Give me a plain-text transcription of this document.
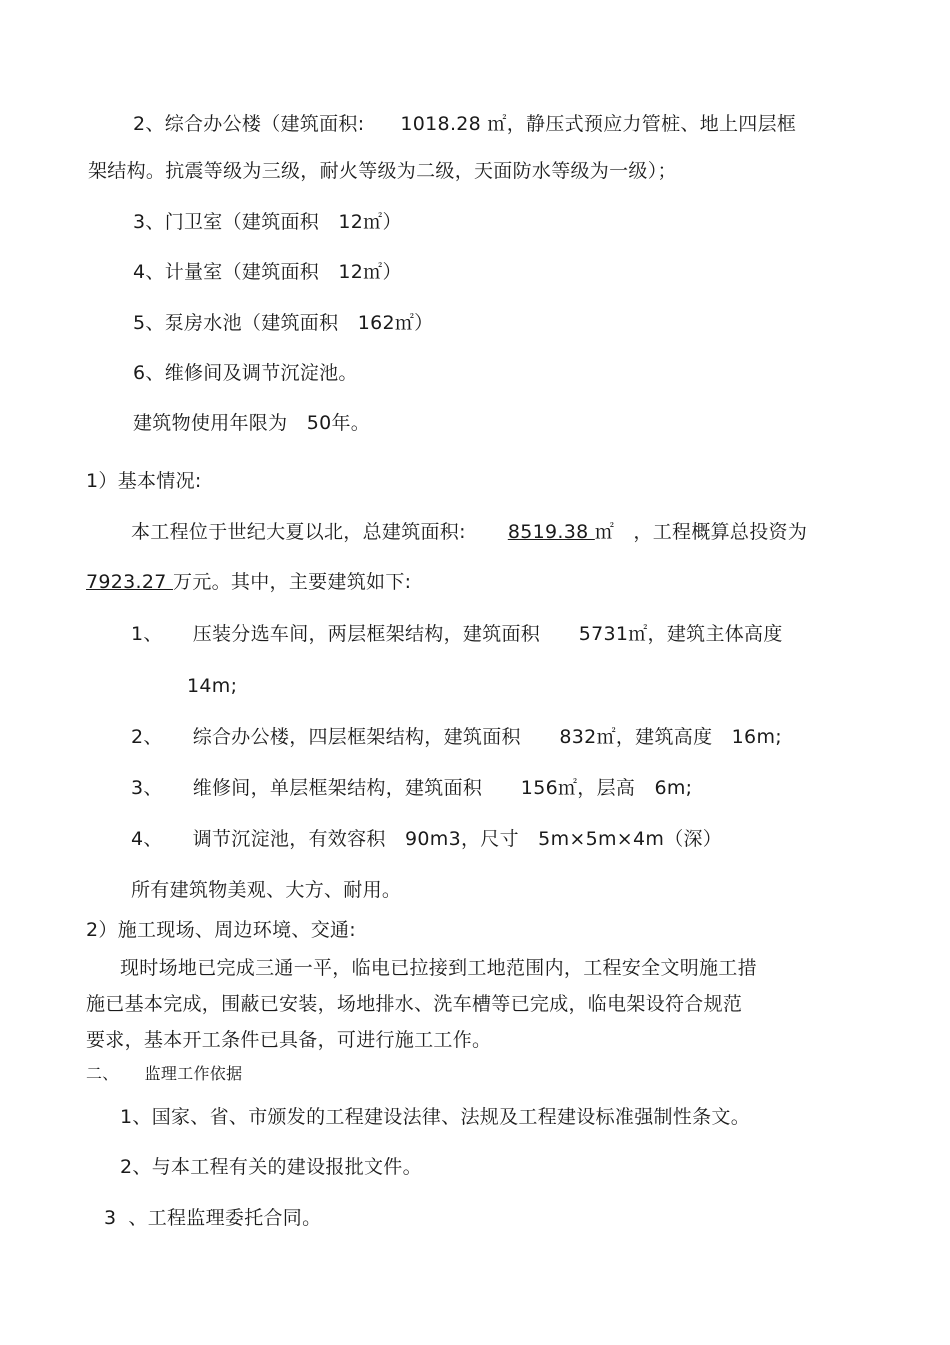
2、综合办公楼（建筑面积: 1018.28 ㎡，静压式预应力管桩、地上四层框
架结构。抗震等级为三级，耐火等级为二级，天面防水等级为一级）；
3、门卫室（建筑面积　12㎡）
4、计量室（建筑面积　12㎡）
5、泵房水池（建筑面积　162㎡）
6、维修间及调节沉淀池。
建筑物使用年限为　50年。
1）基本情况:
本工程位于世纪大夏以北，总建筑面积: 8519.38 ㎡　，工程概算总投资为
7923.27 万元。其中，主要建筑如下:
1、 压装分选车间，两层框架结构，建筑面积　　5731㎡，建筑主体高度
14m;
2、 综合办公楼，四层框架结构，建筑面积　　832㎡，建筑高度　16m;
3、 维修间，单层框架结构，建筑面积　　156㎡，层高　6m;
4、 调节沉淀池，有效容积　90m3，尺寸　5m×5m×4m（深）
所有建筑物美观、大方、耐用。
2）施工现场、周边环境、交通:
现时场地已完成三通一平，临电已拉接到工地范围内，工程安全文明施工措
施已基本完成，围蔽已安装，场地排水、洗车槽等已完成，临电架设符合规范
要求，基本开工条件已具备，可进行施工工作。
二、 监理工作依据
1、国家、省、市颁发的工程建设法律、法规及工程建设标准强制性条文。
2、与本工程有关的建设报批文件。
3 、工程监理委托合同。
